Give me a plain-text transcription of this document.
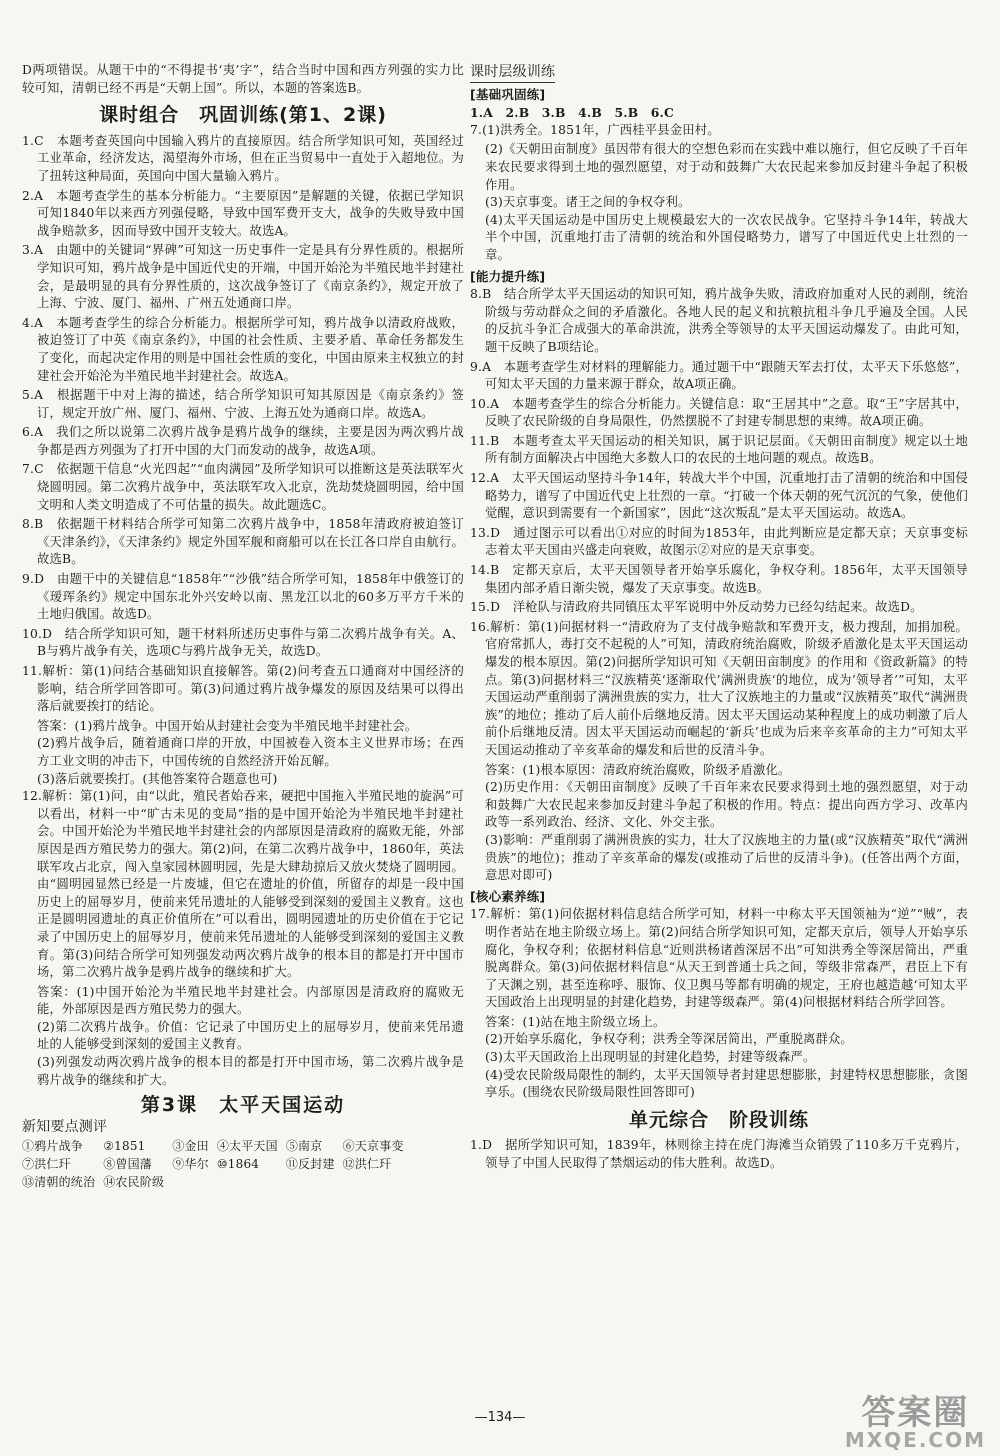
D两项错误。从题干中的“不得提书‘夷’字”，结合当时中国和西方列强的实力比较可知，清朝已经不再是“天朝上国”。所以，本题的答案选B。

课时组合　巩固训练(第1、2课)

1.C　本题考查英国向中国输入鸦片的直接原因。结合所学知识可知，英国经过工业革命，经济发达，渴望海外市场，但在正当贸易中一直处于入超地位。为了扭转这种局面，英国向中国大量输入鸦片。

2.A　本题考查学生的基本分析能力。“主要原因”是解题的关键，依据已学知识可知1840年以来西方列强侵略，导致中国军费开支大，战争的失败导致中国战争赔款多，因而导致中国开支较大。故选A。

3.A　由题中的关键词“界碑”可知这一历史事件一定是具有分界性质的。根据所学知识可知，鸦片战争是中国近代史的开端，中国开始沦为半殖民地半封建社会，是最明显的具有分界性质的，这次战争签订了《南京条约》，规定开放了上海、宁波、厦门、福州、广州五处通商口岸。

4.A　本题考查学生的综合分析能力。根据所学可知，鸦片战争以清政府战败，被迫签订了中英《南京条约》，中国的社会性质、主要矛盾、革命任务都发生了变化，而起决定作用的则是中国社会性质的变化，中国由原来主权独立的封建社会开始沦为半殖民地半封建社会。故选A。

5.A　根据题干中对上海的描述，结合所学知识可知其原因是《南京条约》签订，规定开放广州、厦门、福州、宁波、上海五处为通商口岸。故选A。

6.A　我们之所以说第二次鸦片战争是鸦片战争的继续，主要是因为两次鸦片战争都是西方列强为了打开中国的大门而发动的战争，故选A项。

7.C　依据题干信息“火光四起”“血肉满园”及所学知识可以推断这是英法联军火烧圆明园。第二次鸦片战争中，英法联军攻入北京，洗劫焚烧圆明园，给中国文明和人类文明造成了不可估量的损失。故此题选C。

8.B　依据题干材料结合所学可知第二次鸦片战争中，1858年清政府被迫签订《天津条约》，《天津条约》规定外国军舰和商船可以在长江各口岸自由航行。故选B。

9.D　由题干中的关键信息“1858年”“沙俄”结合所学可知，1858年中俄签订的《瑷珲条约》规定中国东北外兴安岭以南、黑龙江以北的60多万平方千米的土地归俄国。故选D。

10.D　结合所学知识可知，题干材料所述历史事件与第二次鸦片战争有关。A、B与鸦片战争有关，选项C与鸦片战争无关，故选D。

11.解析：第(1)问结合基础知识直接解答。第(2)问考查五口通商对中国经济的影响，结合所学回答即可。第(3)问通过鸦片战争爆发的原因及结果可以得出落后就要挨打的结论。

答案：(1)鸦片战争。中国开始从封建社会变为半殖民地半封建社会。

(2)鸦片战争后，随着通商口岸的开放，中国被卷入资本主义世界市场；在西方工业文明的冲击下，中国传统的自然经济开始瓦解。

(3)落后就要挨打。(其他答案符合题意也可)

12.解析：第(1)问，由“以此，殖民者始吞来，硬把中国拖入半殖民地的旋涡”可以看出，材料一中“旷古未见的变局”指的是中国开始沦为半殖民地半封建社会。中国开始沦为半殖民地半封建社会的内部原因是清政府的腐败无能，外部原因是西方殖民势力的强大。第(2)问，在第二次鸦片战争中，1860年，英法联军攻占北京，闯入皇家园林圆明园，先是大肆劫掠后又放火焚烧了圆明园。由“圆明园显然已经是一片废墟，但它在遗址的价值，所留存的却是一段中国历史上的屈辱岁月，使前来凭吊遗址的人能够受到深刻的爱国主义教育。这也正是圆明园遗址的真正价值所在”可以看出，圆明园遗址的历史价值在于它记录了中国历史上的屈辱岁月，使前来凭吊遗址的人能够受到深刻的爱国主义教育。第(3)问结合所学可知列强发动两次鸦片战争的根本目的都是打开中国市场，第二次鸦片战争是鸦片战争的继续和扩大。

答案：(1)中国开始沦为半殖民地半封建社会。内部原因是清政府的腐败无能，外部原因是西方殖民势力的强大。

(2)第二次鸦片战争。价值：它记录了中国历史上的屈辱岁月，使前来凭吊遗址的人能够受到深刻的爱国主义教育。

(3)列强发动两次鸦片战争的根本目的都是打开中国市场，第二次鸦片战争是鸦片战争的继续和扩大。

第3课　太平天国运动
新知要点测评
①鸦片战争	②1851	③金田 ④太平天国 ⑤南京	⑥天京事变
⑦洪仁玕	⑧曾国藩	⑨华尔 ⑩1864	⑪反封建 ⑫洪仁玕
⑬清朝的统治 ⑭农民阶级
课时层级训练
[基础巩固练]

1.A　2.B　3.B　4.B　5.B　6.C

7.(1)洪秀全。1851年，广西桂平县金田村。

(2)《天朝田亩制度》虽因带有很大的空想色彩而在实践中难以施行，但它反映了千百年来农民要求得到土地的强烈愿望，对于动和鼓舞广大农民起来参加反封建斗争起了积极作用。

(3)天京事变。诸王之间的争权夺利。

(4)太平天国运动是中国历史上规模最宏大的一次农民战争。它坚持斗争14年，转战大半个中国，沉重地打击了清朝的统治和外国侵略势力，谱写了中国近代史上壮烈的一章。

[能力提升练]

8.B　结合所学太平天国运动的知识可知，鸦片战争失败，清政府加重对人民的剥削，统治阶级与劳动群众之间的矛盾激化。各地人民的起义和抗粮抗租斗争几乎遍及全国。人民的反抗斗争汇合成强大的革命洪流，洪秀全等领导的太平天国运动爆发了。由此可知，题干反映了B项结论。

9.A　本题考查学生对材料的理解能力。通过题干中“跟随天军去打仗，太平天下乐悠悠”，可知太平天国的力量来源于群众，故A项正确。

10.A　本题考查学生的综合分析能力。关键信息：取“王居其中”之意。取“王”字居其中，反映了农民阶级的自身局限性，仍然摆脱不了封建专制思想的束缚。故A项正确。

11.B　本题考查太平天国运动的相关知识，属于识记层面。《天朝田亩制度》规定以土地所有制方面解决占中国绝大多数人口的农民的土地问题的观点。故选B。

12.A　太平天国运动坚持斗争14年，转战大半个中国，沉重地打击了清朝的统治和中国侵略势力，谱写了中国近代史上壮烈的一章。“打破一个体天朝的死气沉沉的气象，使他们觉醒，意识到需要有一个新国家”，因此“这次叛乱”是太平天国运动。故选A。

13.D　通过图示可以看出①对应的时间为1853年，由此判断应是定都天京；天京事变标志着太平天国由兴盛走向衰败，故图示②对应的是天京事变。

14.B　定都天京后，太平天国领导者开始享乐腐化，争权夺利。1856年，太平天国领导集团内部矛盾日渐尖锐，爆发了天京事变。故选B。

15.D　洋枪队与清政府共同镇压太平军说明中外反动势力已经勾结起来。故选D。

16.解析：第(1)问据材料一“清政府为了支付战争赔款和军费开支，极力搜刮，加捐加税。官府常抓人，毒打交不起税的人”可知，清政府统治腐败，阶级矛盾激化是太平天国运动爆发的根本原因。第(2)问据所学知识可知《天朝田亩制度》的作用和《资政新篇》的特点。第(3)问据材料三“汉族精英‘逐渐取代’满洲贵族‘的地位，成为’领导者’”可知，太平天国运动严重削弱了满洲贵族的实力，壮大了汉族地主的力量或“汉族精英”取代“满洲贵族”的地位；推动了后人前仆后继地反清。因太平天国运动某种程度上的成功刺激了后人前仆后继地反清。因太平天国运动而崛起的‘新兵’也成为后来辛亥革命的主力”可知太平天国运动推动了辛亥革命的爆发和后世的反清斗争。

答案：(1)根本原因：清政府统治腐败，阶级矛盾激化。

(2)历史作用：《天朝田亩制度》反映了千百年来农民要求得到土地的强烈愿望，对于动和鼓舞广大农民起来参加反封建斗争起了积极的作用。特点：提出向西方学习、改革内政等一系列政治、经济、文化、外交主张。

(3)影响：严重削弱了满洲贵族的实力，壮大了汉族地主的力量(或“汉族精英”取代“满洲贵族”的地位)；推动了辛亥革命的爆发(或推动了后世的反清斗争)。(任答出两个方面，意思对即可)

[核心素养练]

17.解析：第(1)问依据材料信息结合所学可知，材料一中称太平天国领袖为“逆”“贼”，表明作者站在地主阶级立场上。第(2)问结合所学知识可知，定都天京后，领导人开始享乐腐化，争权夺利；依据材料信息“近则洪杨诸酋深居不出”可知洪秀全等深居简出，严重脱离群众。第(3)问依据材料信息“从天王到普通士兵之间，等级非常森严，君臣上下有了天渊之别，甚至连称呼、服饰、仪卫舆马等都有明确的规定，王府也越造越‘可知太平天国政治上出现明显的封建化趋势，封建等级森严。第(4)问根据材料结合所学回答。

答案：(1)站在地主阶级立场上。

(2)开始享乐腐化，争权夺利；洪秀全等深居简出，严重脱离群众。

(3)太平天国政治上出现明显的封建化趋势，封建等级森严。

(4)受农民阶级局限性的制约，太平天国领导者封建思想膨胀，封建特权思想膨胀，贪图享乐。(围绕农民阶级局限性回答即可)

单元综合　阶段训练

1.D　据所学知识可知，1839年，林则徐主持在虎门海滩当众销毁了110多万千克鸦片，领导了中国人民取得了禁烟运动的伟大胜利。故选D。

—134—	答案圈
MXQE.COM
